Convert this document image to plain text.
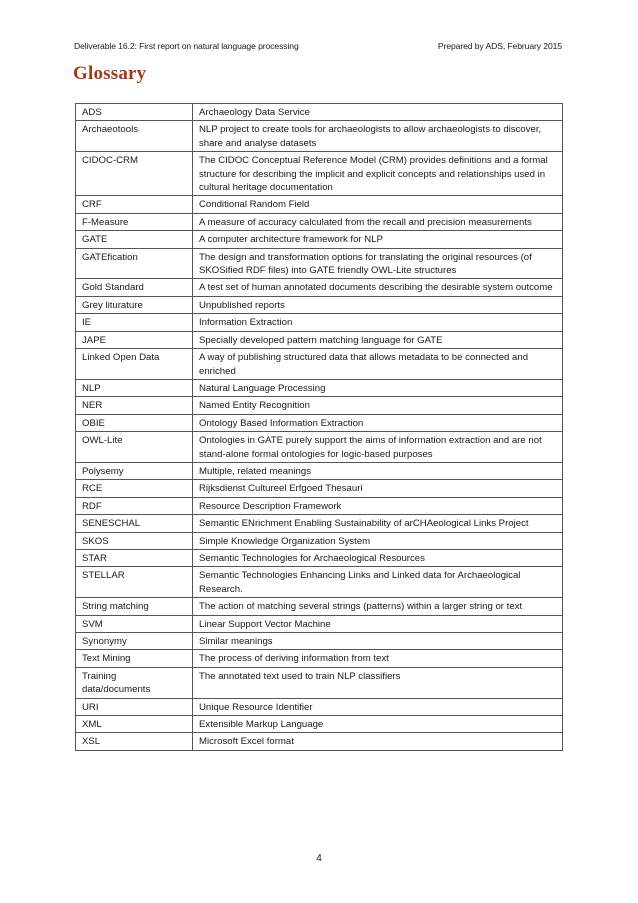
Deliverable 16.2: First report on natural language processing	Prepared by ADS, February 2015
Glossary
ADS	Archaeology Data Service
Archaeotools	NLP project to create tools for archaeologists to allow archaeologists to discover, share and analyse datasets
CIDOC-CRM	The CIDOC Conceptual Reference Model (CRM) provides definitions and a formal structure for describing the implicit and explicit concepts and relationships used in cultural heritage documentation
CRF	Conditional Random Field
F-Measure	A measure of accuracy calculated from the recall and precision measurements
GATE	A computer architecture framework for NLP
GATEfication	The design and transformation options for translating the original resources (of SKOSified RDF files) into GATE friendly OWL-Lite structures
Gold Standard	A test set of human annotated documents describing the desirable system outcome
Grey liturature	Unpublished reports
IE	Information Extraction
JAPE	Specially developed pattern matching language for GATE
Linked Open Data	A way of publishing structured data that allows metadata to be connected and enriched
NLP	Natural Language Processing
NER	Named Entity Recognition
OBIE	Ontology Based Information Extraction
OWL-Lite	Ontologies in GATE purely support the aims of information extraction and are not stand-alone formal ontologies for logic-based purposes
Polysemy	Multiple, related meanings
RCE	Rijksdienst Cultureel Erfgoed Thesauri
RDF	Resource Description Framework
SENESCHAL	Semantic ENrichment Enabling Sustainability of arCHAeological Links Project
SKOS	Simple Knowledge Organization System
STAR	Semantic Technologies for Archaeological Resources
STELLAR	Semantic Technologies Enhancing Links and Linked data for Archaeological Research.
String matching	The action of matching several strings (patterns) within a larger string or text
SVM	Linear Support Vector Machine
Synonymy	Similar meanings
Text Mining	The process of deriving information from text
Training data/documents	The annotated text used to train NLP classifiers
URI	Unique Resource Identifier
XML	Extensible Markup Language
XSL	Microsoft Excel format
4
